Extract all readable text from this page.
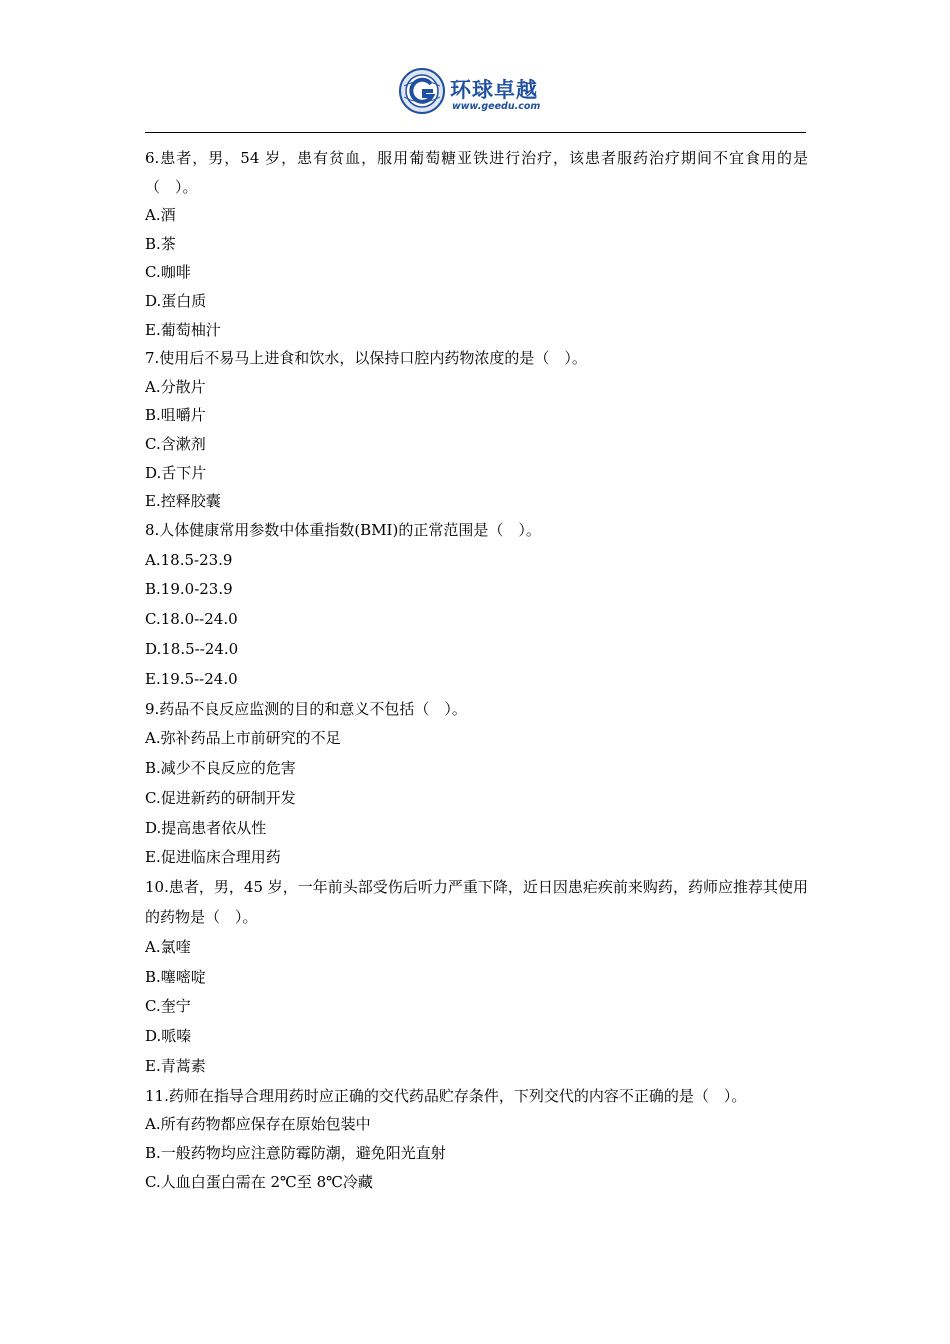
环球卓越
www.geedu.com
6.患者，男，54 岁，患有贫血，服用葡萄糖亚铁进行治疗，该患者服药治疗期间不宜食用的是（　）。
A.酒
B.茶
C.咖啡
D.蛋白质
E.葡萄柚汁
7.使用后不易马上进食和饮水，以保持口腔内药物浓度的是（　）。
A.分散片
B.咀嚼片
C.含漱剂
D.舌下片
E.控释胶囊
8.人体健康常用参数中体重指数(BMI)的正常范围是（　）。
A.18.5-23.9
B.19.0-23.9
C.18.0--24.0
D.18.5--24.0
E.19.5--24.0
9.药品不良反应监测的目的和意义不包括（　）。
A.弥补药品上市前研究的不足
B.减少不良反应的危害
C.促进新药的研制开发
D.提高患者依从性
E.促进临床合理用药
10.患者，男，45 岁，一年前头部受伤后听力严重下降，近日因患疟疾前来购药，药师应推荐其使用的药物是（　）。
A.氯喹
B.噻嘧啶
C.奎宁
D.哌嗪
E.青蒿素
11.药师在指导合理用药时应正确的交代药品贮存条件，下列交代的内容不正确的是（　）。
A.所有药物都应保存在原始包装中
B.一般药物均应注意防霉防潮，避免阳光直射
C.人血白蛋白需在 2℃至 8℃冷藏
